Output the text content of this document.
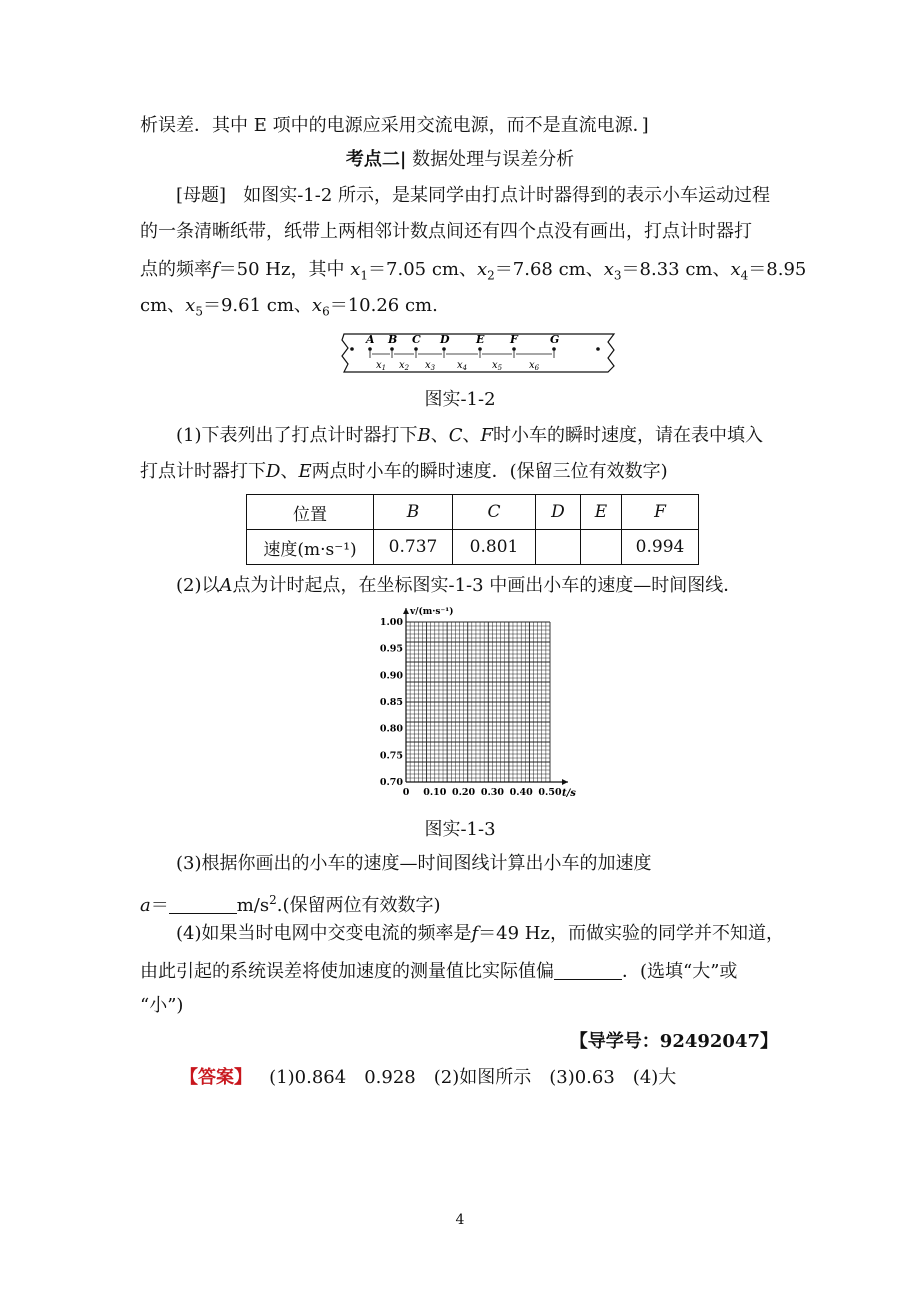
析误差．其中 E 项中的电源应采用交流电源，而不是直流电源．]
考点二| 数据处理与误差分析
[母题] 如图实-1-2 所示，是某同学由打点计时器得到的表示小车运动过程
的一条清晰纸带，纸带上两相邻计数点间还有四个点没有画出，打点计时器打
点的频率f＝50 Hz，其中 $x_1=7.05$ cm、$x_2=7.68$ cm、$x_3=8.33$ cm、$x_4=8.95$
cm、$x_5=9.61$ cm、$x_6=10.26$ cm.
A
$x_1$
B
$x_2$
C
$x_3$
D
$x_4$
E
$x_5$
F
$x_6$
G
图实-1-2
(1)下表列出了打点计时器打下B、C、F时小车的瞬时速度，请在表中填入
打点计时器打下D、E两点时小车的瞬时速度．(保留三位有效数字)
位置	B	C	D	E	F
速度(m·s⁻¹)	0.737	0.801			0.994
(2)以A点为计时起点，在坐标图实-1-3 中画出小车的速度—时间图线．
v/(m·s⁻¹)
t/s
0.70
0.75
0.80
0.85
0.90
0.95
1.00
0 0.10 0.20 0.30 0.40 0.50
图实-1-3
(3)根据你画出的小车的速度—时间图线计算出小车的加速度
a＝	$m/s^2$.(保留两位有效数字)
(4)如果当时电网中交变电流的频率是f＝49 Hz，而做实验的同学并不知道，
由此引起的系统误差将使加速度的测量值比实际值偏	．(选填“大”或
“小”)
【导学号：92492047】
【答案】 (1)0.864　0.928　(2)如图所示　(3)0.63　(4)大
4
